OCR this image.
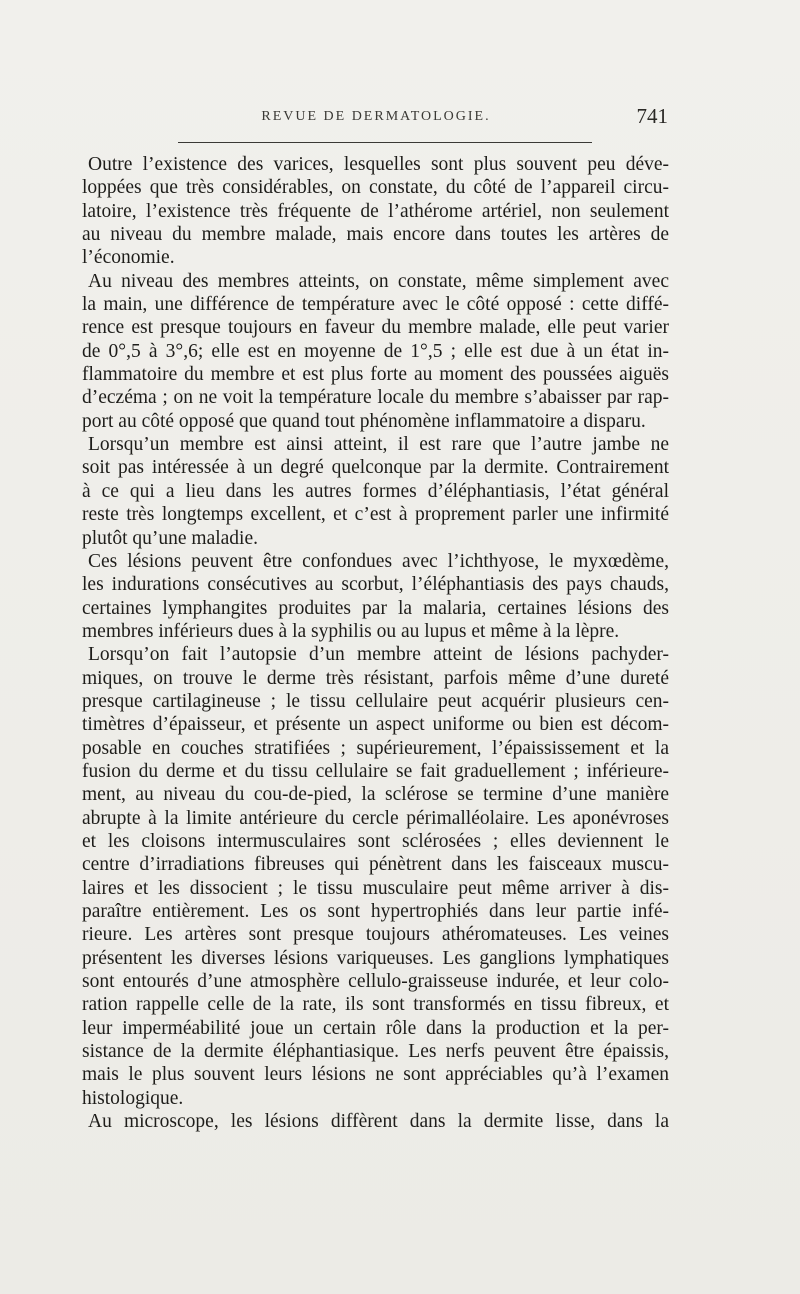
REVUE DE DERMATOLOGIE.	741
Outre l’existence des varices, lesquelles sont plus souvent peu déve-
loppées que très considérables, on constate, du côté de l’appareil circu-
latoire, l’existence très fréquente de l’athérome artériel, non seulement
au niveau du membre malade, mais encore dans toutes les artères de
l’économie.
Au niveau des membres atteints, on constate, même simplement avec
la main, une différence de température avec le côté opposé : cette diffé-
rence est presque toujours en faveur du membre malade, elle peut varier
de 0°,5 à 3°,6; elle est en moyenne de 1°,5 ; elle est due à un état in-
flammatoire du membre et est plus forte au moment des poussées aiguës
d’eczéma ; on ne voit la température locale du membre s’abaisser par rap-
port au côté opposé que quand tout phénomène inflammatoire a disparu.
Lorsqu’un membre est ainsi atteint, il est rare que l’autre jambe ne
soit pas intéressée à un degré quelconque par la dermite. Contrairement
à ce qui a lieu dans les autres formes d’éléphantiasis, l’état général
reste très longtemps excellent, et c’est à proprement parler une infirmité
plutôt qu’une maladie.
Ces lésions peuvent être confondues avec l’ichthyose, le myxœdème,
les indurations consécutives au scorbut, l’éléphantiasis des pays chauds,
certaines lymphangites produites par la malaria, certaines lésions des
membres inférieurs dues à la syphilis ou au lupus et même à la lèpre.
Lorsqu’on fait l’autopsie d’un membre atteint de lésions pachyder-
miques, on trouve le derme très résistant, parfois même d’une dureté
presque cartilagineuse ; le tissu cellulaire peut acquérir plusieurs cen-
timètres d’épaisseur, et présente un aspect uniforme ou bien est décom-
posable en couches stratifiées ; supérieurement, l’épaississement et la
fusion du derme et du tissu cellulaire se fait graduellement ; inférieure-
ment, au niveau du cou-de-pied, la sclérose se termine d’une manière
abrupte à la limite antérieure du cercle périmalléolaire. Les aponévroses
et les cloisons intermusculaires sont sclérosées ; elles deviennent le
centre d’irradiations fibreuses qui pénètrent dans les faisceaux muscu-
laires et les dissocient ; le tissu musculaire peut même arriver à dis-
paraître entièrement. Les os sont hypertrophiés dans leur partie infé-
rieure. Les artères sont presque toujours athéromateuses. Les veines
présentent les diverses lésions variqueuses. Les ganglions lymphatiques
sont entourés d’une atmosphère cellulo-graisseuse indurée, et leur colo-
ration rappelle celle de la rate, ils sont transformés en tissu fibreux, et
leur imperméabilité joue un certain rôle dans la production et la per-
sistance de la dermite éléphantiasique. Les nerfs peuvent être épaissis,
mais le plus souvent leurs lésions ne sont appréciables qu’à l’examen
histologique.
Au microscope, les lésions diffèrent dans la dermite lisse, dans la
